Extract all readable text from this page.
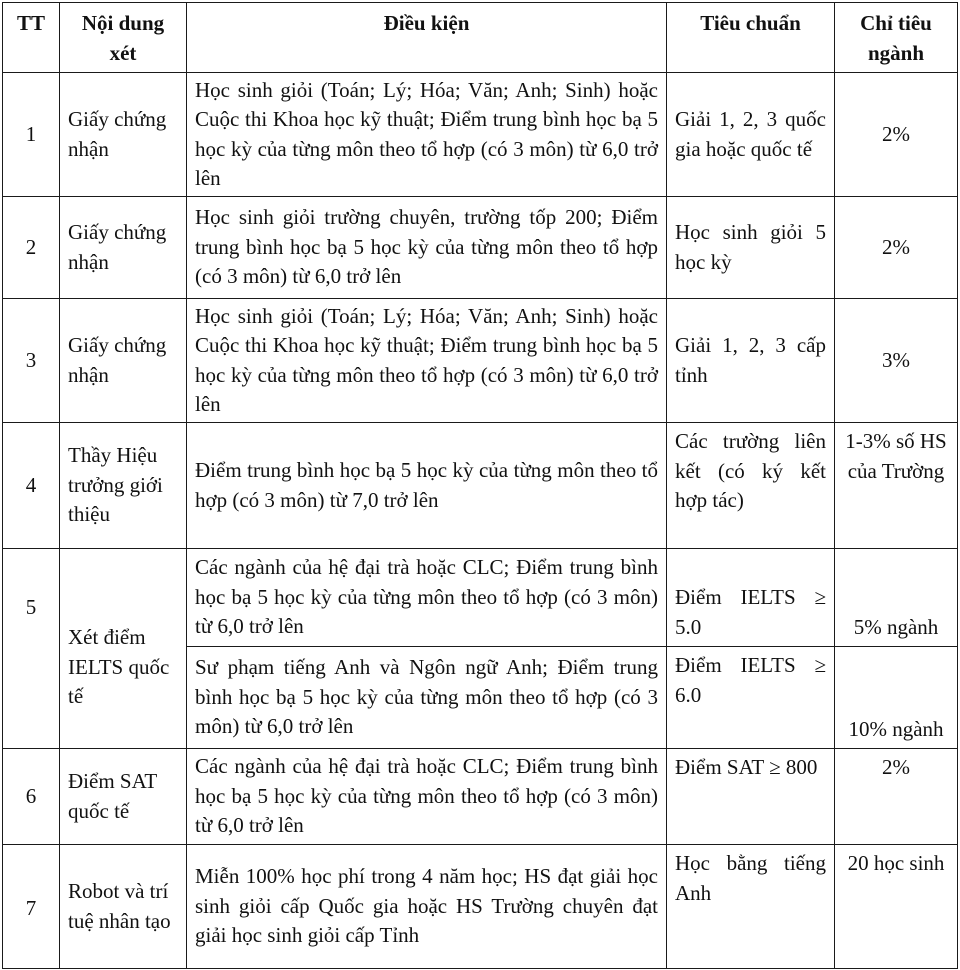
TT	Nội dung xét	Điều kiện	Tiêu chuẩn	Chỉ tiêu ngành
1	Giấy chứng nhận	Học sinh giỏi (Toán; Lý; Hóa; Văn; Anh; Sinh) hoặc Cuộc thi Khoa học kỹ thuật; Điểm trung bình học bạ 5 học kỳ của từng môn theo tổ hợp (có 3 môn) từ 6,0 trở lên	Giải 1, 2, 3 quốc gia hoặc quốc tế	2%
2	Giấy chứng nhận	Học sinh giỏi trường chuyên, trường tốp 200; Điểm trung bình học bạ 5 học kỳ của từng môn theo tổ hợp (có 3 môn) từ 6,0 trở lên	Học sinh giỏi 5 học kỳ	2%
3	Giấy chứng nhận	Học sinh giỏi (Toán; Lý; Hóa; Văn; Anh; Sinh) hoặc Cuộc thi Khoa học kỹ thuật; Điểm trung bình học bạ 5 học kỳ của từng môn theo tổ hợp (có 3 môn) từ 6,0 trở lên	Giải 1, 2, 3 cấp tỉnh	3%
4	Thầy Hiệu trưởng giới thiệu	Điểm trung bình học bạ 5 học kỳ của từng môn theo tổ hợp (có 3 môn) từ 7,0 trở lên	Các trường liên kết (có ký kết hợp tác)	1-3% số HS của Trường
5	Xét điểm IELTS quốc tế	Các ngành của hệ đại trà hoặc CLC; Điểm trung bình học bạ 5 học kỳ của từng môn theo tổ hợp (có 3 môn) từ 6,0 trở lên	Điểm IELTS ≥ 5.0	5% ngành
		Sư phạm tiếng Anh và Ngôn ngữ Anh; Điểm trung bình học bạ 5 học kỳ của từng môn theo tổ hợp (có 3 môn) từ 6,0 trở lên	Điểm IELTS ≥ 6.0	10% ngành
6	Điểm SAT quốc tế	Các ngành của hệ đại trà hoặc CLC; Điểm trung bình học bạ 5 học kỳ của từng môn theo tổ hợp (có 3 môn) từ 6,0 trở lên	Điểm SAT ≥ 800	2%
7	Robot và trí tuệ nhân tạo	Miễn 100% học phí trong 4 năm học; HS đạt giải học sinh giỏi cấp Quốc gia hoặc HS Trường chuyên đạt giải học sinh giỏi cấp Tỉnh	Học bằng tiếng Anh	20 học sinh
